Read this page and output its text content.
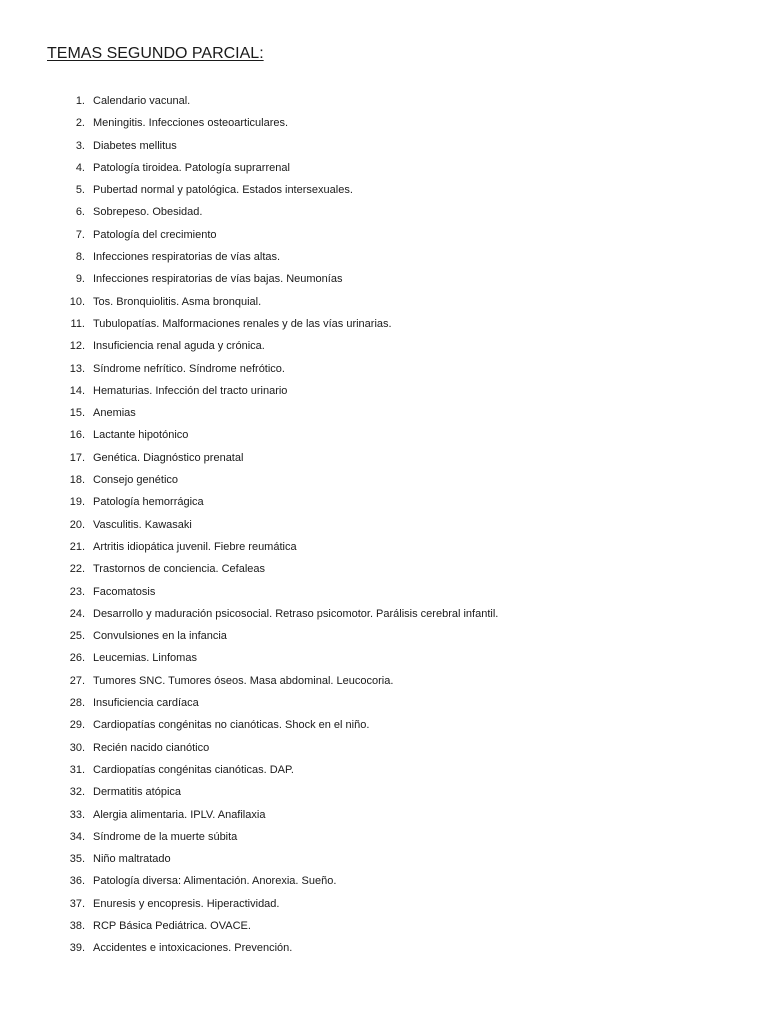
TEMAS SEGUNDO PARCIAL:
1. Calendario vacunal.
2. Meningitis. Infecciones osteoarticulares.
3. Diabetes mellitus
4. Patología tiroidea. Patología suprarrenal
5. Pubertad normal y patológica. Estados intersexuales.
6. Sobrepeso. Obesidad.
7. Patología del crecimiento
8. Infecciones respiratorias de vías altas.
9. Infecciones respiratorias de vías bajas. Neumonías
10. Tos. Bronquiolitis. Asma bronquial.
11. Tubulopatías. Malformaciones renales y de las vías urinarias.
12. Insuficiencia renal aguda y crónica.
13. Síndrome nefrítico. Síndrome nefrótico.
14. Hematurias. Infección del tracto urinario
15. Anemias
16. Lactante hipotónico
17. Genética. Diagnóstico prenatal
18. Consejo genético
19. Patología hemorrágica
20. Vasculitis. Kawasaki
21. Artritis idiopática juvenil. Fiebre reumática
22. Trastornos de conciencia. Cefaleas
23. Facomatosis
24. Desarrollo y maduración psicosocial. Retraso psicomotor. Parálisis cerebral infantil.
25. Convulsiones en la infancia
26. Leucemias. Linfomas
27. Tumores SNC. Tumores óseos. Masa abdominal. Leucocoria.
28. Insuficiencia cardíaca
29. Cardiopatías congénitas no cianóticas. Shock en el niño.
30. Recién nacido cianótico
31. Cardiopatías congénitas cianóticas. DAP.
32. Dermatitis atópica
33. Alergia alimentaria. IPLV. Anafilaxia
34. Síndrome de la muerte súbita
35. Niño maltratado
36. Patología diversa: Alimentación. Anorexia. Sueño.
37. Enuresis y encopresis. Hiperactividad.
38. RCP Básica Pediátrica. OVACE.
39. Accidentes e intoxicaciones. Prevención.
